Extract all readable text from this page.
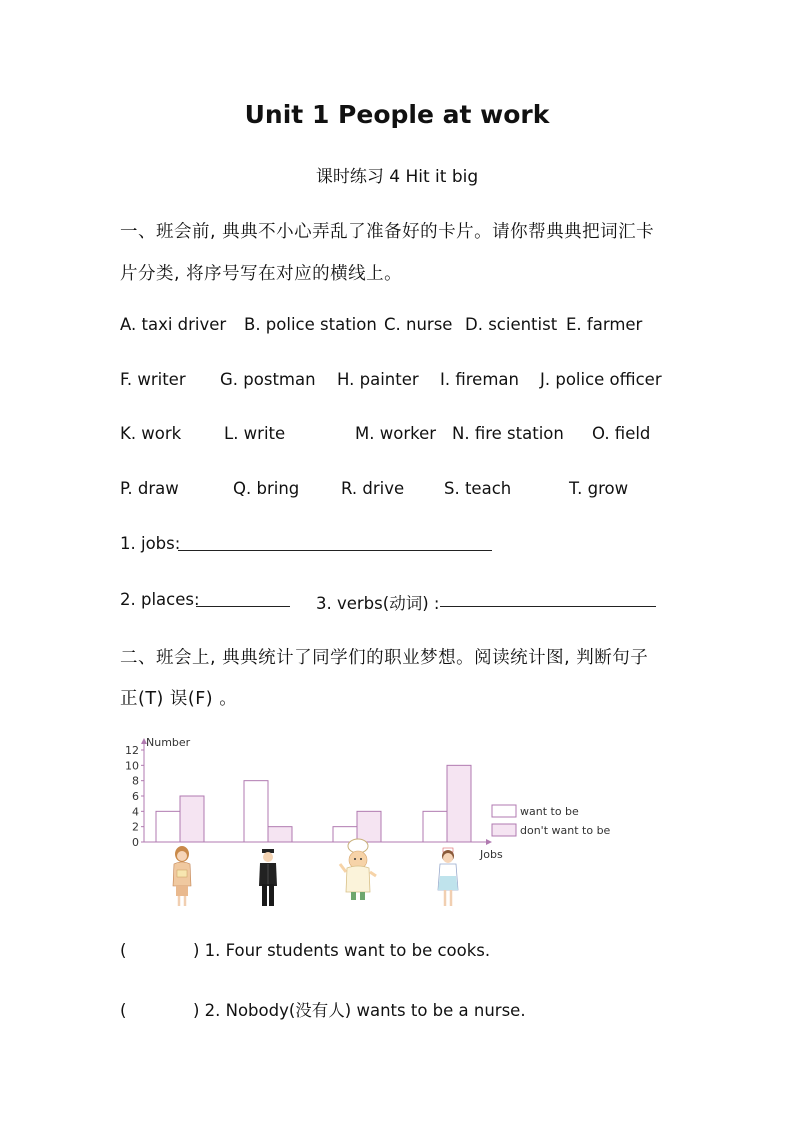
Unit 1 People at work
课时练习 4 Hit it big
一、班会前, 典典不小心弄乱了准备好的卡片。请你帮典典把词汇卡
片分类, 将序号写在对应的横线上。
A. taxi driver B. police station C. nurse D. scientist E. farmer
F. writer G. postman H. painter I. fireman J. police officer
K. work	L. write	M. worker N. fire station O. field
P. draw	Q. bring	R. drive S. teach	T. grow
1. jobs:
2. places:	3. verbs(动词) :
二、班会上, 典典统计了同学们的职业梦想。阅读统计图, 判断句子
正(T) 误(F) 。
0
2
4
6
8
10
12
Number
Jobs
want to be
don't want to be
(	) 1. Four students want to be cooks.
(	) 2. Nobody(没有人) wants to be a nurse.
